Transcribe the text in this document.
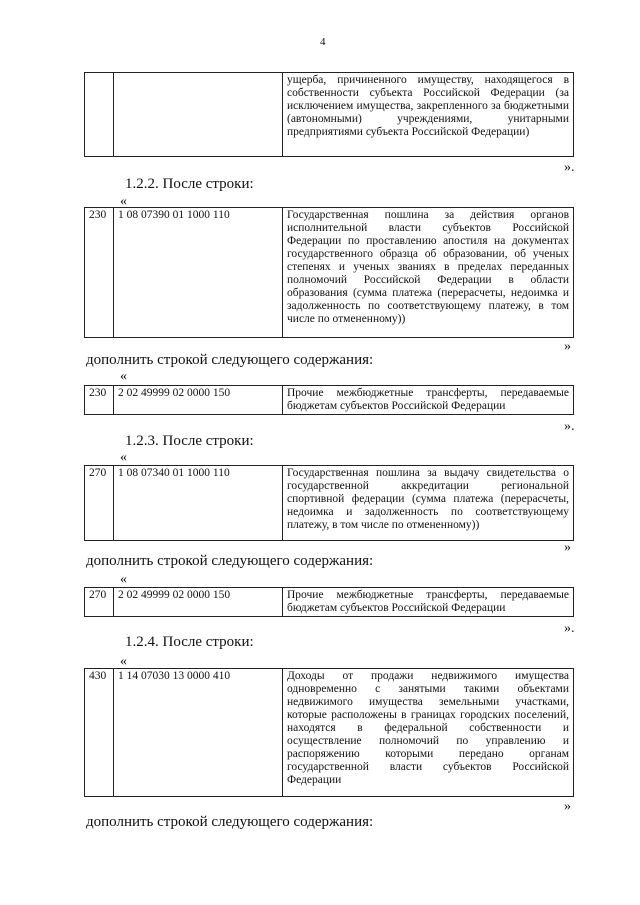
4
		ущерба, причиненного имуществу, находящегося в собственности субъекта Российской Федерации (за исключением имущества, закрепленного за бюджетными (автономными) учреждениями, унитарными предприятиями субъекта Российской Федерации)
».
1.2.2. После строки:
«
230	1 08 07390 01 1000 110	Государственная пошлина за действия органов исполнительной власти субъектов Российской Федерации по проставлению апостиля на документах государственного образца об образовании, об ученых степенях и ученых званиях в пределах переданных полномочий Российской Федерации в области образования (сумма платежа (перерасчеты, недоимка и задолженность по соответствующему платежу, в том числе по отмененному))
»
дополнить строкой следующего содержания:
«
230	2 02 49999 02 0000 150	Прочие межбюджетные трансферты, передаваемые бюджетам субъектов Российской Федерации
».
1.2.3. После строки:
«
270	1 08 07340 01 1000 110	Государственная пошлина за выдачу свидетельства о государственной аккредитации региональной спортивной федерации (сумма платежа (перерасчеты, недоимка и задолженность по соответствующему платежу, в том числе по отмененному))
»
дополнить строкой следующего содержания:
«
270	2 02 49999 02 0000 150	Прочие межбюджетные трансферты, передаваемые бюджетам субъектов Российской Федерации
».
1.2.4. После строки:
«
430	1 14 07030 13 0000 410	Доходы от продажи недвижимого имущества одновременно с занятыми такими объектами недвижимого имущества земельными участками, которые расположены в границах городских поселений, находятся в федеральной собственности и осуществление полномочий по управлению и распоряжению которыми передано органам государственной власти субъектов Российской Федерации
»
дополнить строкой следующего содержания:
